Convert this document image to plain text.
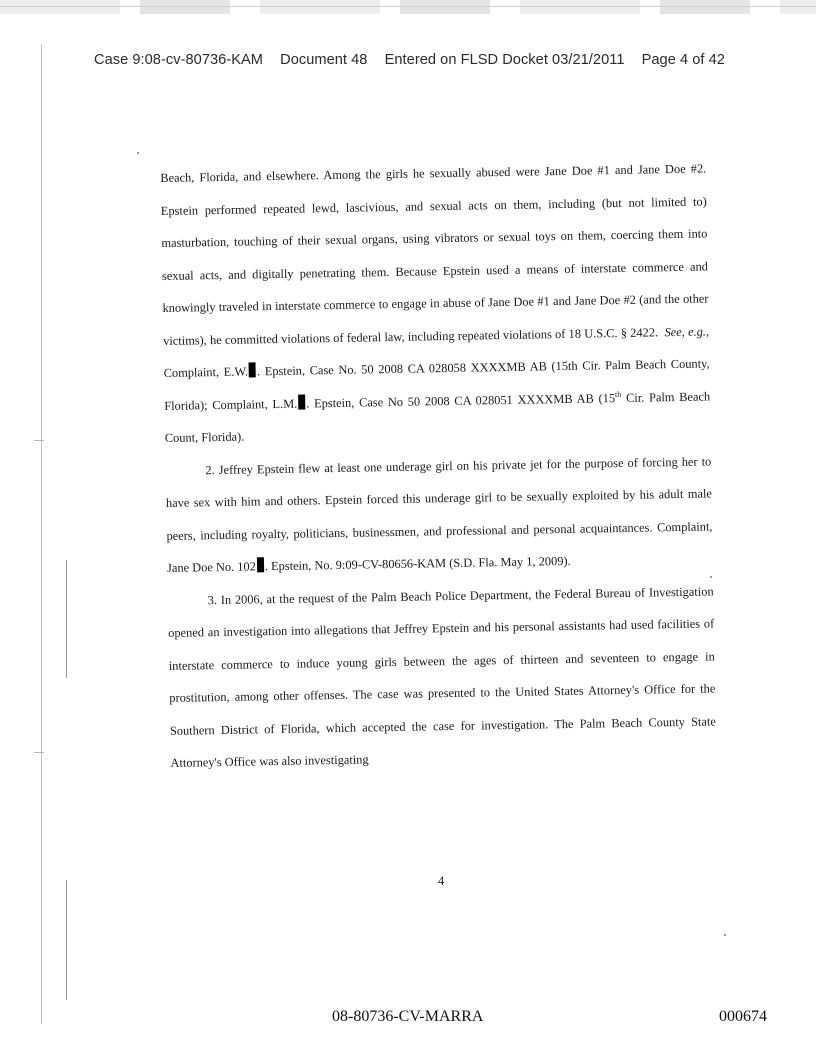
Case 9:08-cv-80736-KAM Document 48 Entered on FLSD Docket 03/21/2011 Page 4 of 42

Beach, Florida, and elsewhere. Among the girls he sexually abused were Jane Doe #1 and Jane Doe #2. Epstein performed repeated lewd, lascivious, and sexual acts on them, including (but not limited to) masturbation, touching of their sexual organs, using vibrators or sexual toys on them, coercing them into sexual acts, and digitally penetrating them. Because Epstein used a means of interstate commerce and knowingly traveled in interstate commerce to engage in abuse of Jane Doe #1 and Jane Doe #2 (and the other victims), he committed violations of federal law, including repeated violations of 18 U.S.C. § 2422. See, e.g., Complaint, E.W. . Epstein, Case No. 50 2008 CA 028058 XXXXMB AB (15th Cir. Palm Beach County, Florida); Complaint, L.M. . Epstein, Case No 50 2008 CA 028051 XXXXMB AB (15th Cir. Palm Beach Count, Florida).

2. Jeffrey Epstein flew at least one underage girl on his private jet for the purpose of forcing her to have sex with him and others. Epstein forced this underage girl to be sexually exploited by his adult male peers, including royalty, politicians, businessmen, and professional and personal acquaintances. Complaint, Jane Doe No. 102 . Epstein, No. 9:09-CV-80656-KAM (S.D. Fla. May 1, 2009).

3. In 2006, at the request of the Palm Beach Police Department, the Federal Bureau of Investigation opened an investigation into allegations that Jeffrey Epstein and his personal assistants had used facilities of interstate commerce to induce young girls between the ages of thirteen and seventeen to engage in prostitution, among other offenses. The case was presented to the United States Attorney's Office for the Southern District of Florida, which accepted the case for investigation. The Palm Beach County State Attorney's Office was also investigating

4
08-80736-CV-MARRA	000674
